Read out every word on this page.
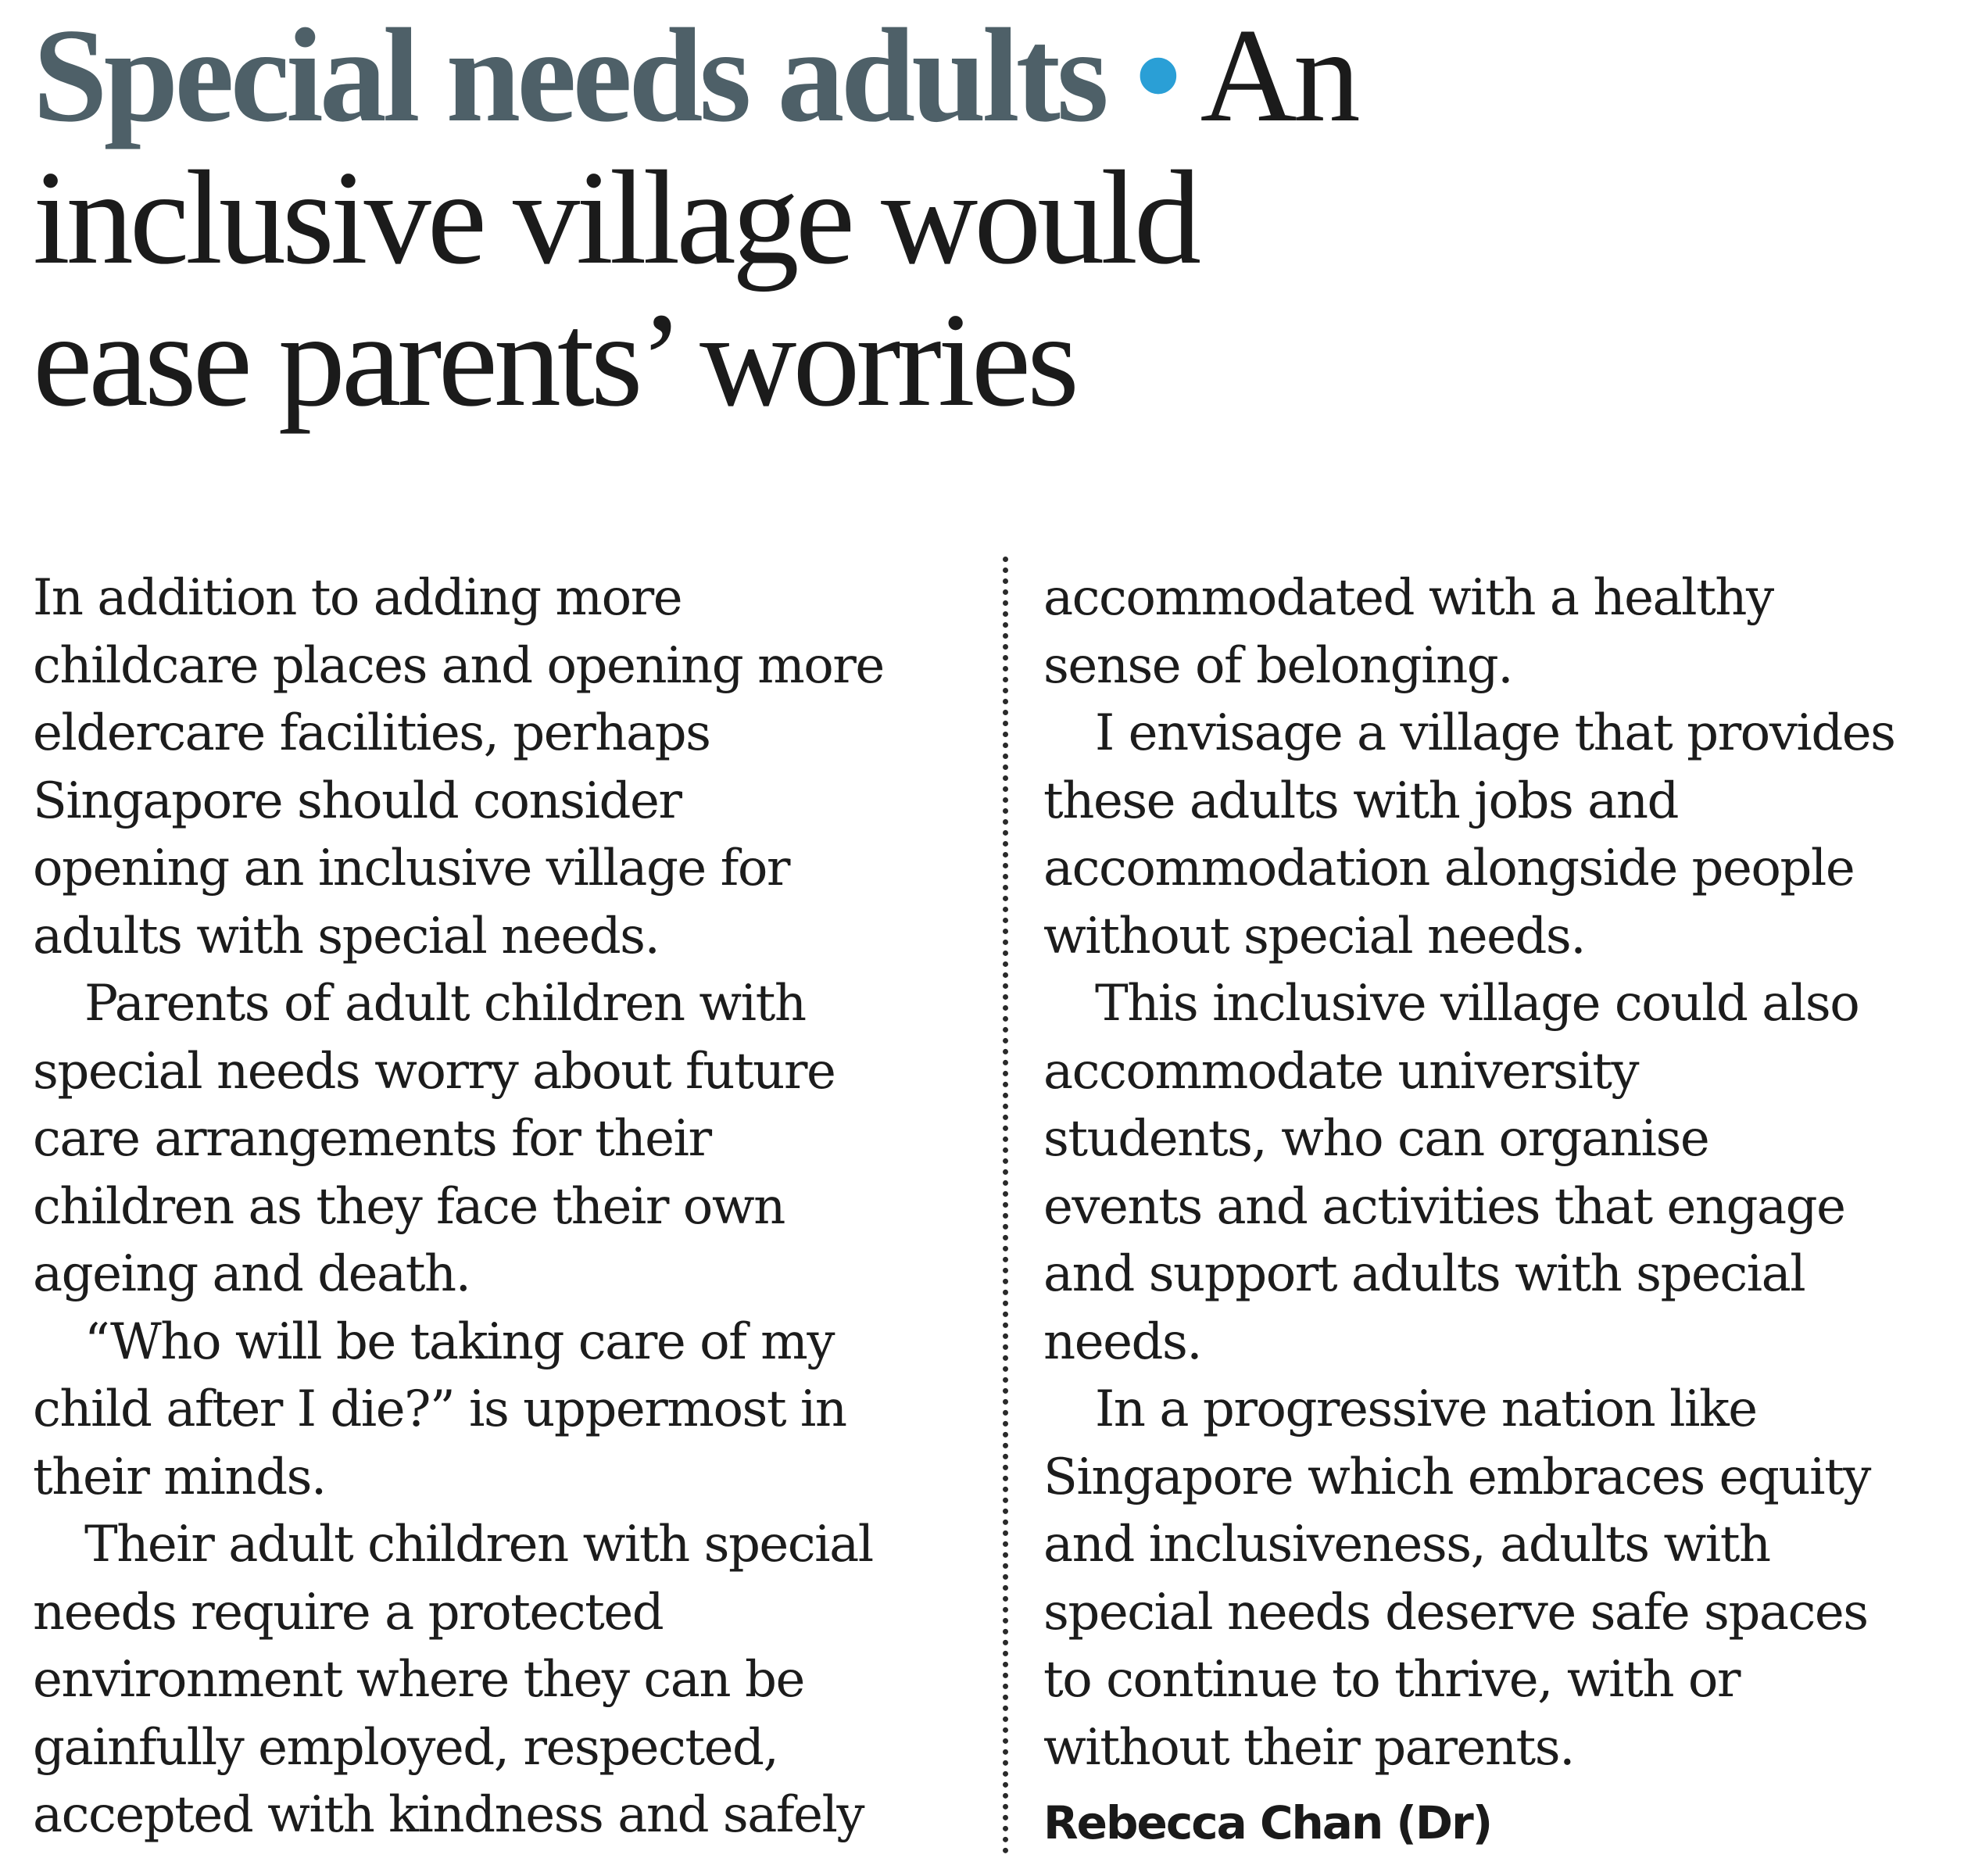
Special needs adults • An
inclusive village would
ease parents’ worries

In addition to adding more
childcare places and opening more
eldercare facilities, perhaps
Singapore should consider
opening an inclusive village for
adults with special needs.

Parents of adult children with
special needs worry about future
care arrangements for their
children as they face their own
ageing and death.

“Who will be taking care of my
child after I die?” is uppermost in
their minds.

Their adult children with special
needs require a protected
environment where they can be
gainfully employed, respected,
accepted with kindness and safely

accommodated with a healthy
sense of belonging.

I envisage a village that provides
these adults with jobs and
accommodation alongside people
without special needs.

This inclusive village could also
accommodate university
students, who can organise
events and activities that engage
and support adults with special
needs.

In a progressive nation like
Singapore which embraces equity
and inclusiveness, adults with
special needs deserve safe spaces
to continue to thrive, with or
without their parents.

Rebecca Chan (Dr)
